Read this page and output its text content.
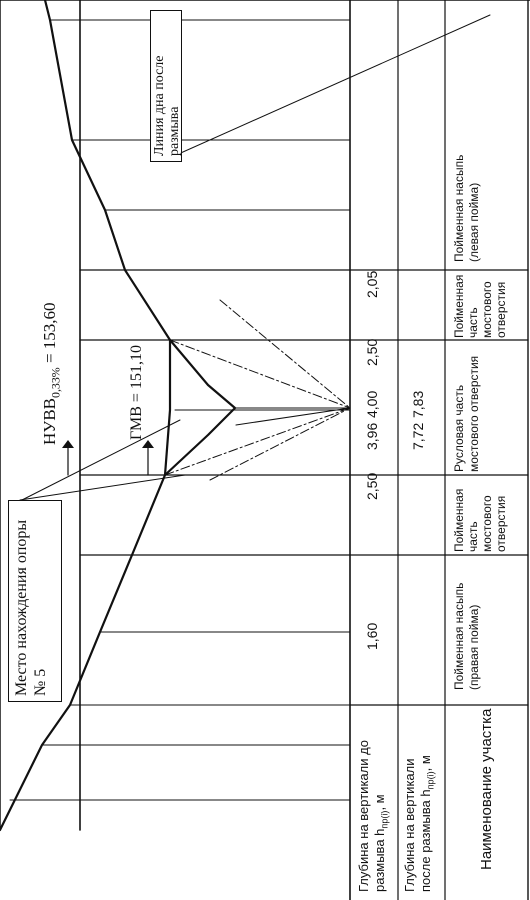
Линия дна после размыва
Место нахождения опоры № 5
$НУВВ_{0,33\%} = 153,60$
ГМВ = 151,10
Глубина на вертикали до размыва $h_{пр(i)}$, м	Глубина на вертикали после размыва $h_{пр(i)}$, м	Наименование участка
1,60
2,50
3,96
4,00
2,50
2,05
7,72
7,83
Пойменная насыпь (правая пойма)
Пойменная часть мостового отверстия
Русловая часть мостового отверстия
Пойменная часть мостового отверстия
Пойменная насыпь (левая пойма)
